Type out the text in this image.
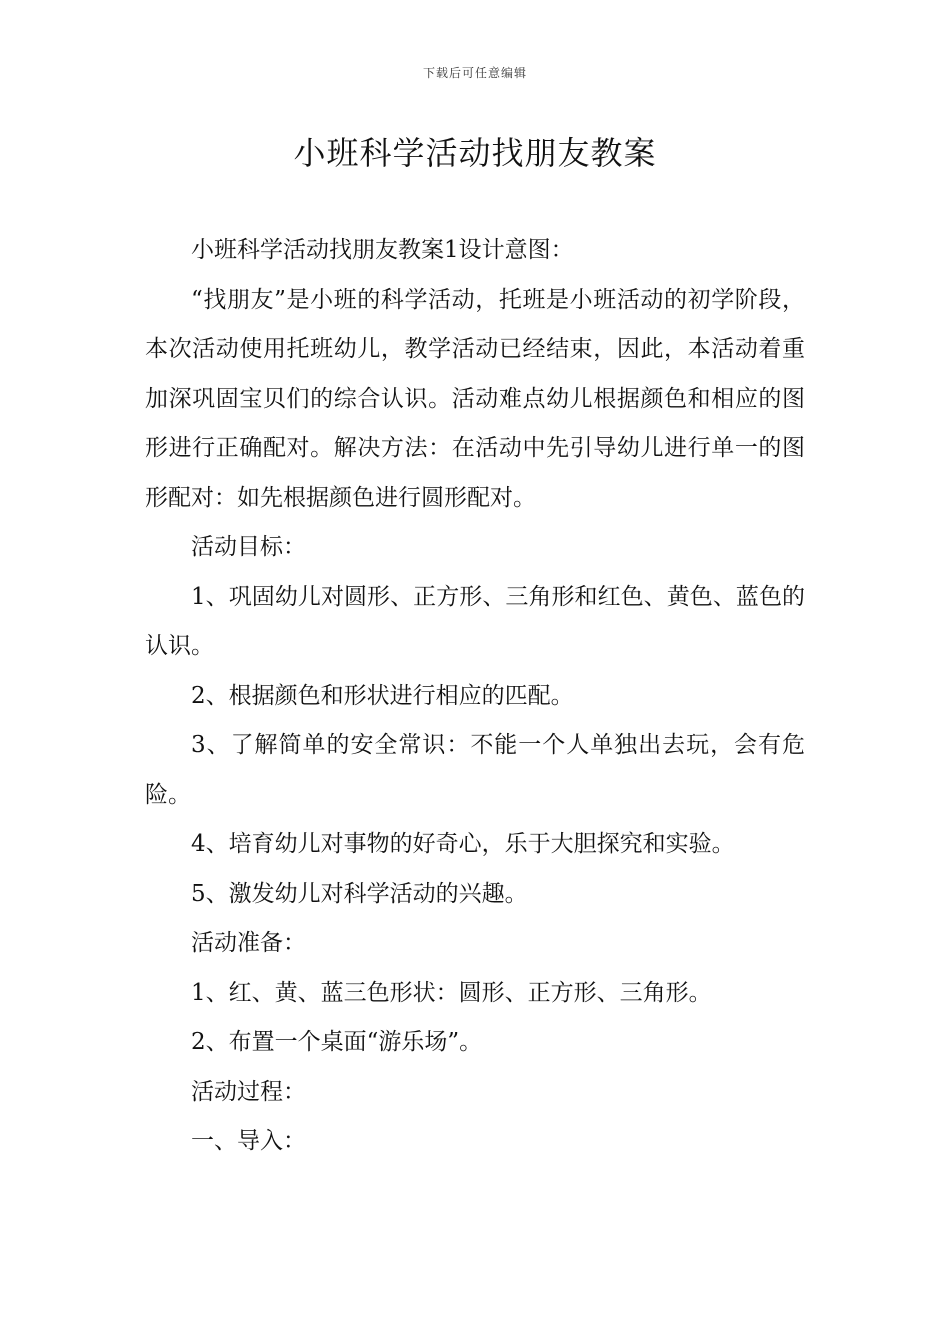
下载后可任意编辑
小班科学活动找朋友教案

小班科学活动找朋友教案1设计意图：

“找朋友”是小班的科学活动，托班是小班活动的初学阶段，本次活动使用托班幼儿，教学活动已经结束，因此，本活动着重加深巩固宝贝们的综合认识。活动难点幼儿根据颜色和相应的图形进行正确配对。解决方法：在活动中先引导幼儿进行单一的图形配对：如先根据颜色进行圆形配对。

活动目标：

1、巩固幼儿对圆形、正方形、三角形和红色、黄色、蓝色的认识。

2、根据颜色和形状进行相应的匹配。

3、了解简单的安全常识：不能一个人单独出去玩，会有危险。

4、培育幼儿对事物的好奇心，乐于大胆探究和实验。

5、激发幼儿对科学活动的兴趣。

活动准备：

1、红、黄、蓝三色形状：圆形、正方形、三角形。

2、布置一个桌面“游乐场”。

活动过程：

一、导入：
